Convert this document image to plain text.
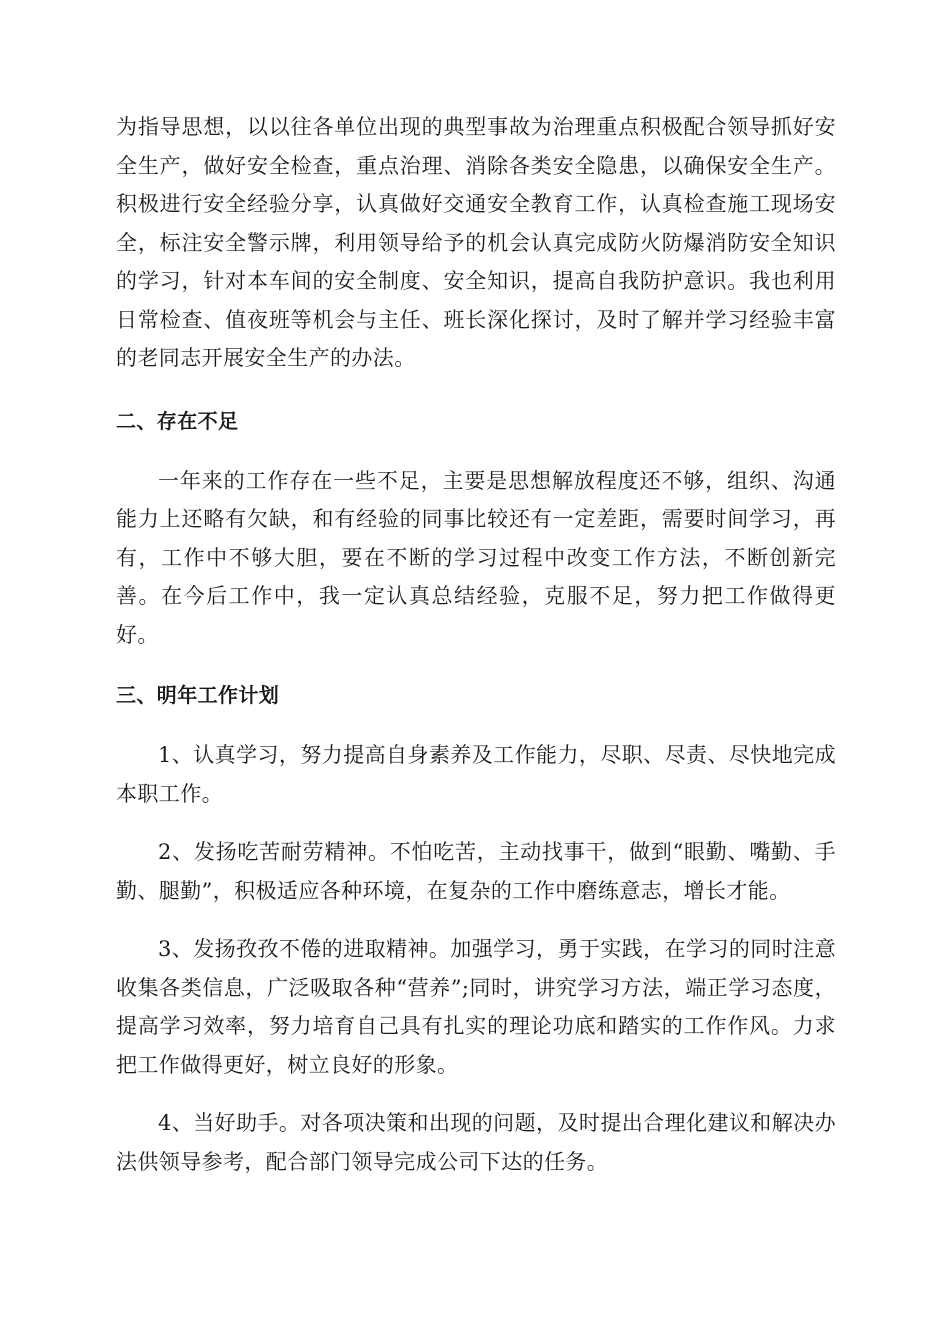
为指导思想，以以往各单位出现的典型事故为治理重点积极配合领导抓好安全生产，做好安全检查，重点治理、消除各类安全隐患，以确保安全生产。积极进行安全经验分享，认真做好交通安全教育工作，认真检查施工现场安全，标注安全警示牌，利用领导给予的机会认真完成防火防爆消防安全知识的学习，针对本车间的安全制度、安全知识，提高自我防护意识。我也利用日常检查、值夜班等机会与主任、班长深化探讨，及时了解并学习经验丰富的老同志开展安全生产的办法。

二、存在不足

一年来的工作存在一些不足，主要是思想解放程度还不够，组织、沟通能力上还略有欠缺，和有经验的同事比较还有一定差距，需要时间学习，再有，工作中不够大胆，要在不断的学习过程中改变工作方法，不断创新完善。在今后工作中，我一定认真总结经验，克服不足，努力把工作做得更好。

三、明年工作计划

1、认真学习，努力提高自身素养及工作能力，尽职、尽责、尽快地完成本职工作。

2、发扬吃苦耐劳精神。不怕吃苦，主动找事干，做到“眼勤、嘴勤、手勤、腿勤”，积极适应各种环境，在复杂的工作中磨练意志，增长才能。

3、发扬孜孜不倦的进取精神。加强学习，勇于实践，在学习的同时注意收集各类信息，广泛吸取各种“营养”;同时，讲究学习方法，端正学习态度，提高学习效率，努力培育自己具有扎实的理论功底和踏实的工作作风。力求把工作做得更好，树立良好的形象。

4、当好助手。对各项决策和出现的问题，及时提出合理化建议和解决办法供领导参考，配合部门领导完成公司下达的任务。
